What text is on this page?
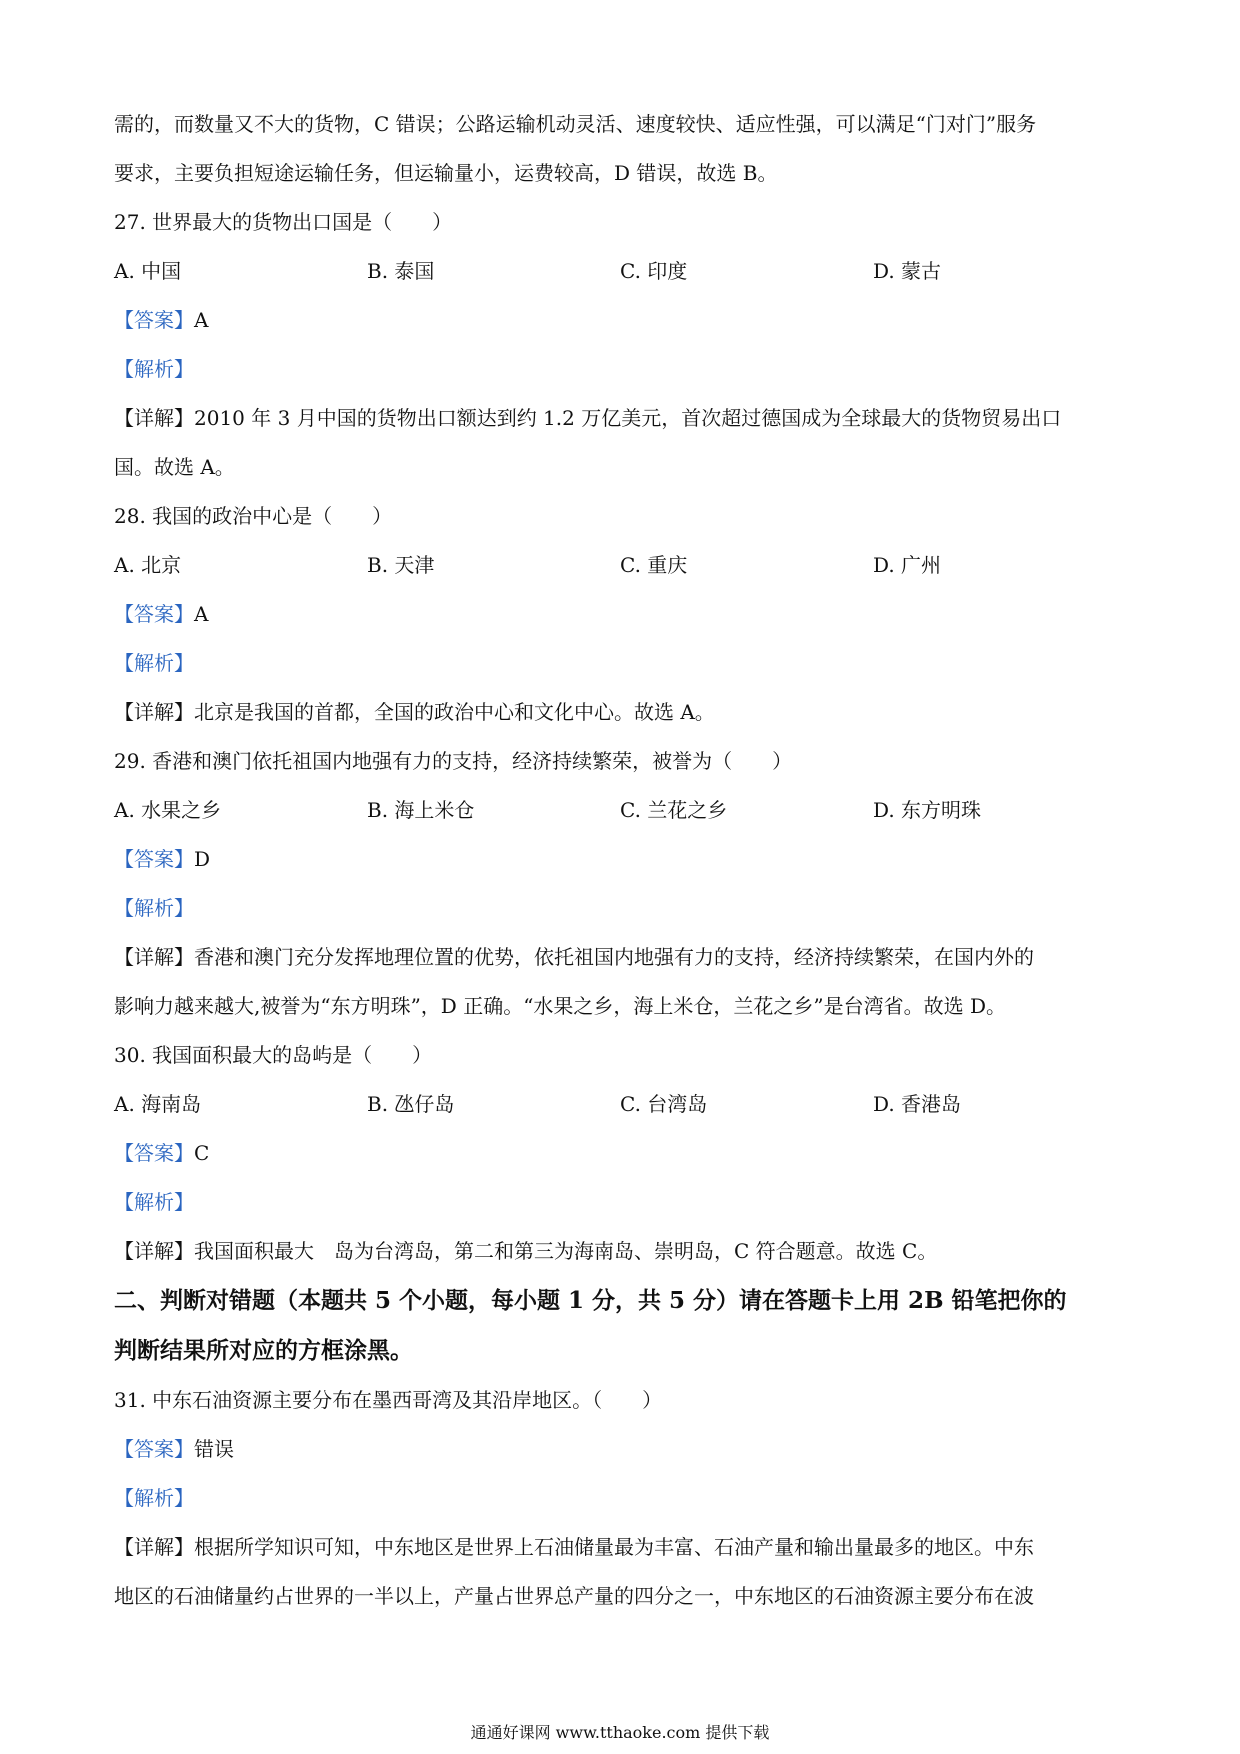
需的，而数量又不大的货物，C 错误；公路运输机动灵活、速度较快、适应性强，可以满足“门对门”服务
要求，主要负担短途运输任务，但运输量小，运费较高，D 错误，故选 B。
27. 世界最大的货物出口国是（　　）
A. 中国	B. 泰国	C. 印度	D. 蒙古
【答案】A
【解析】
【详解】2010 年 3 月中国的货物出口额达到约 1.2 万亿美元，首次超过德国成为全球最大的货物贸易出口
国。故选 A。
28. 我国的政治中心是（　　）
A. 北京	B. 天津	C. 重庆	D. 广州
【答案】A
【解析】
【详解】北京是我国的首都，全国的政治中心和文化中心。故选 A。
29. 香港和澳门依托祖国内地强有力的支持，经济持续繁荣，被誉为（　　）
A. 水果之乡	B. 海上米仓	C. 兰花之乡	D. 东方明珠
【答案】D
【解析】
【详解】香港和澳门充分发挥地理位置的优势，依托祖国内地强有力的支持，经济持续繁荣，在国内外的
影响力越来越大,被誉为“东方明珠”，D 正确。“水果之乡，海上米仓，兰花之乡”是台湾省。故选 D。
30. 我国面积最大的岛屿是（　　）
A. 海南岛	B. 氹仔岛	C. 台湾岛	D. 香港岛
【答案】C
【解析】
【详解】我国面积最大　岛为台湾岛，第二和第三为海南岛、崇明岛，C 符合题意。故选 C。
二、判断对错题（本题共 5 个小题，每小题 1 分，共 5 分）请在答题卡上用 2B 铅笔把你的
判断结果所对应的方框涂黑。
31. 中东石油资源主要分布在墨西哥湾及其沿岸地区。（　　）
【答案】错误
【解析】
【详解】根据所学知识可知，中东地区是世界上石油储量最为丰富、石油产量和输出量最多的地区。中东
地区的石油储量约占世界的一半以上，产量占世界总产量的四分之一，中东地区的石油资源主要分布在波
通通好课网 www.tthaoke.com 提供下载
